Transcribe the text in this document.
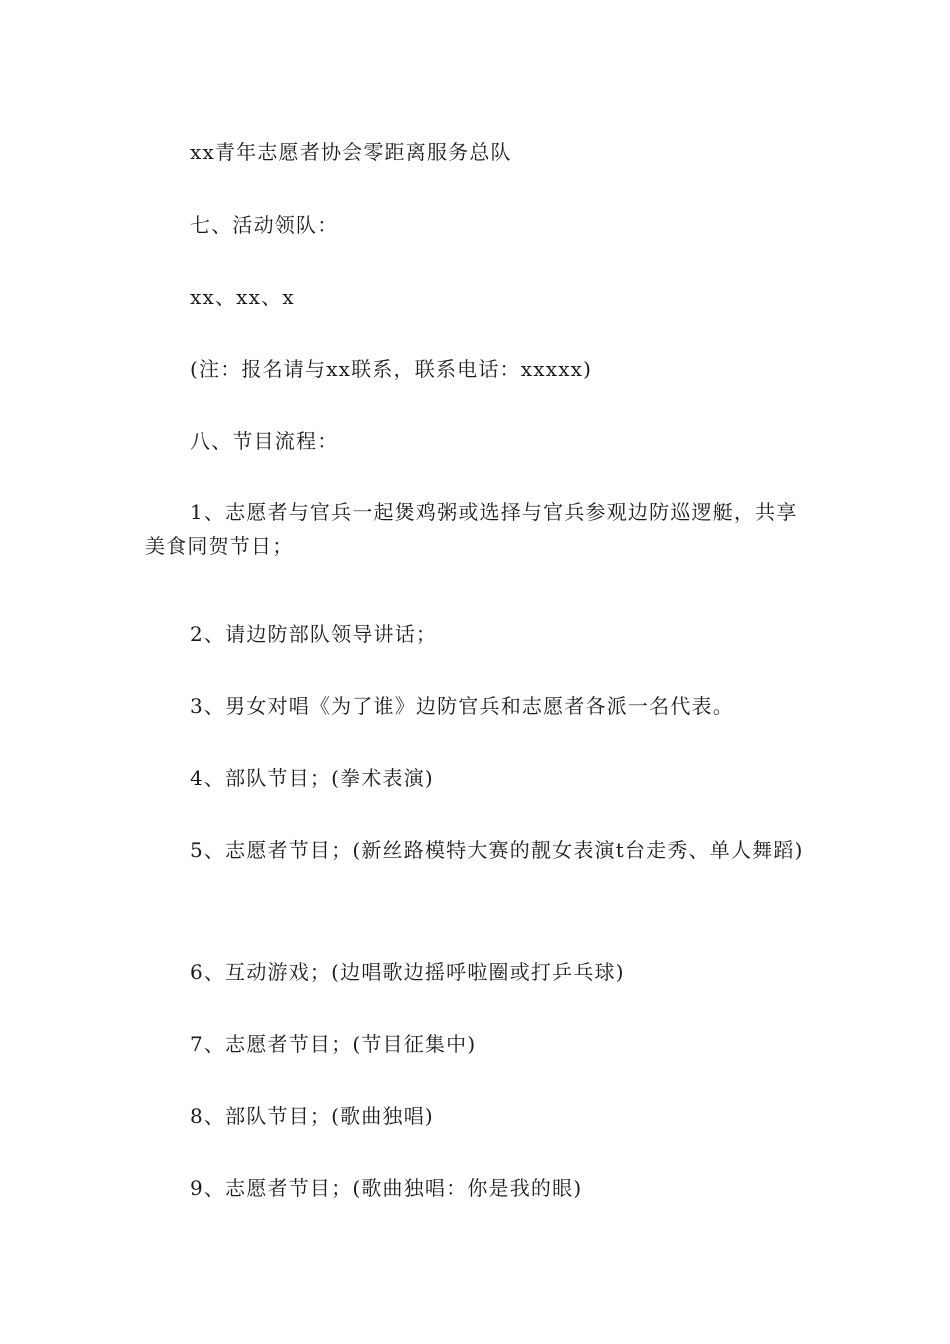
xx青年志愿者协会零距离服务总队

七、活动领队：

xx、xx、x

(注：报名请与xx联系，联系电话：xxxxx)

八、节目流程：

1、志愿者与官兵一起煲鸡粥或选择与官兵参观边防巡逻艇，共享美食同贺节日；

2、请边防部队领导讲话；

3、男女对唱《为了谁》边防官兵和志愿者各派一名代表。

4、部队节目；(拳术表演)

5、志愿者节目；(新丝路模特大赛的靓女表演t台走秀、单人舞蹈)

6、互动游戏；(边唱歌边摇呼啦圈或打乒乓球)

7、志愿者节目；(节目征集中)

8、部队节目；(歌曲独唱)

9、志愿者节目；(歌曲独唱：你是我的眼)
